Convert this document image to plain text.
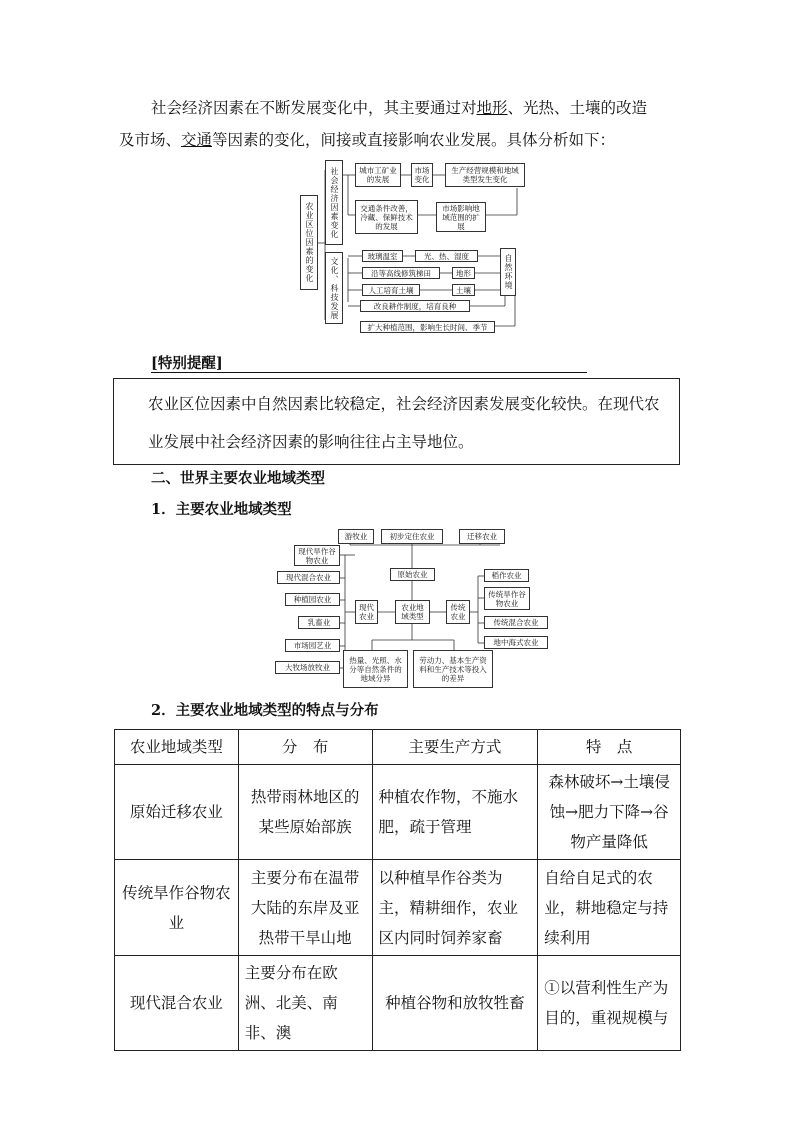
社会经济因素在不断发展变化中，其主要通过对地形、光热、土壤的改造
及市场、交通等因素的变化，间接或直接影响农业发展。具体分析如下：
农业区位因素的变化	社会经济因素变化
文化、科技发展
城市工矿业的发展
市场变化
生产经营规模和地域类型发生变化
交通条件改善，冷藏、保鲜技术的发展
市场影响地域范围的扩展
玻璃温室	光、热、湿度
沿等高线修筑梯田	地形
人工培育土壤	土壤	自然环境
改良耕作制度，培育良种
扩大种植范围，影响生长时间、季节
[特别提醒]
农业区位因素中自然因素比较稳定，社会经济因素发展变化较快。在现代农业发展中社会经济因素的影响往往占主导地位。
二、世界主要农业地域类型
1．主要农业地域类型
游牧业	初步定住农业	迁移农业
原始农业
农业地域类型
现代农业
传统农业
现代旱作谷物农业
现代混合农业
种植园农业
乳畜业
市场园艺业
大牧场放牧业
稻作农业
传统旱作谷物农业
传统混合农业
地中海式农业
热量、光照、水分等自然条件的地域分异
劳动力、基本生产资料和生产技术等投入的差异
2．主要农业地域类型的特点与分布
农业地域类型	分　布	主要生产方式	特　点
原始迁移农业	热带雨林地区的某些原始部族	种植农作物，不施水肥，疏于管理	森林破坏→土壤侵蚀→肥力下降→谷物产量降低
传统旱作谷物农业	主要分布在温带大陆的东岸及亚热带干旱山地	以种植旱作谷类为主，精耕细作，农业区内同时饲养家畜	自给自足式的农业，耕地稳定与持续利用
现代混合农业	主要分布在欧洲、北美、南非、澳	种植谷物和放牧牲畜	①以营利性生产为目的，重视规模与
